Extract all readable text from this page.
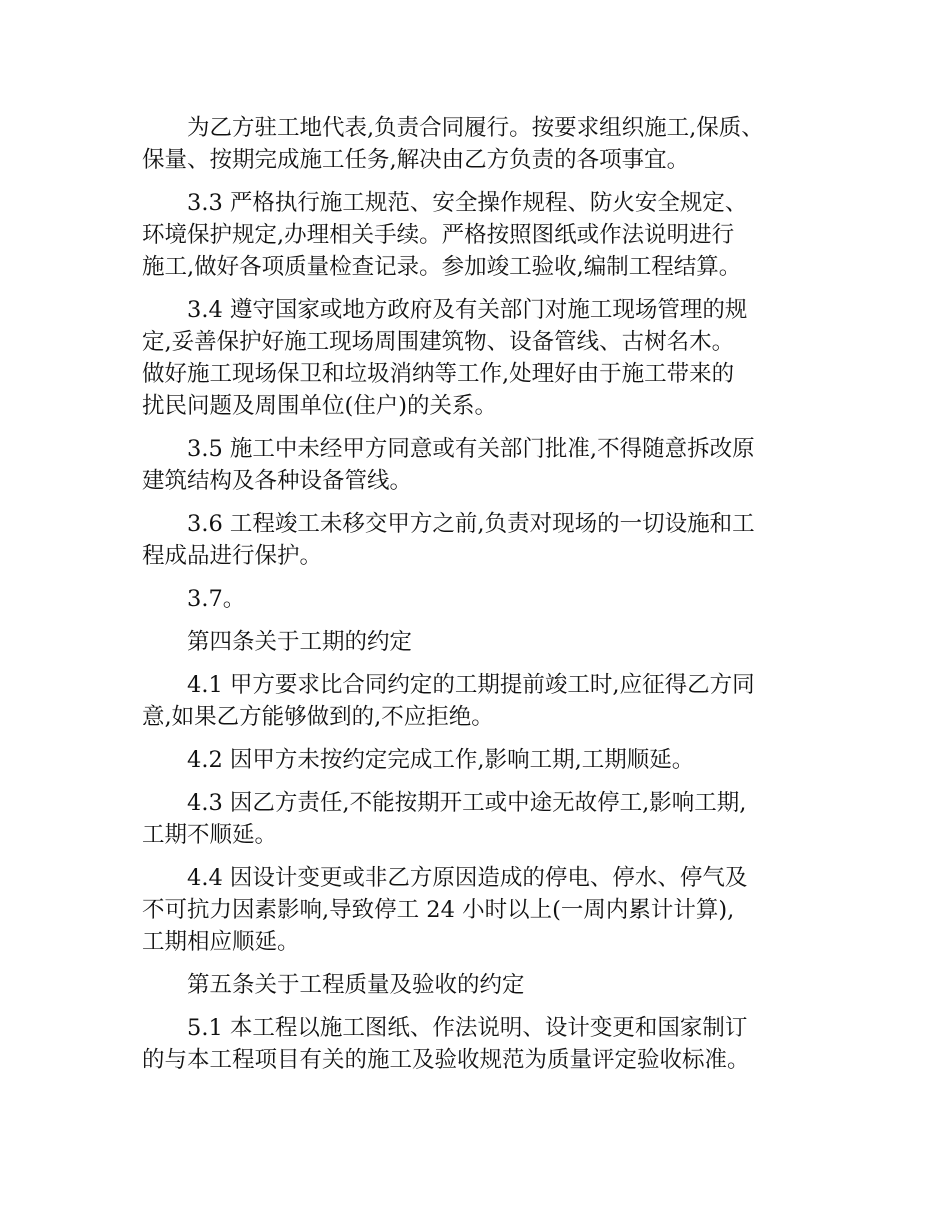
为乙方驻工地代表,负责合同履行。按要求组织施工,保质、
保量、按期完成施工任务,解决由乙方负责的各项事宜。
3.3 严格执行施工规范、安全操作规程、防火安全规定、
环境保护规定,办理相关手续。严格按照图纸或作法说明进行
施工,做好各项质量检查记录。参加竣工验收,编制工程结算。
3.4 遵守国家或地方政府及有关部门对施工现场管理的规
定,妥善保护好施工现场周围建筑物、设备管线、古树名木。
做好施工现场保卫和垃圾消纳等工作,处理好由于施工带来的
扰民问题及周围单位(住户)的关系。
3.5 施工中未经甲方同意或有关部门批准,不得随意拆改原
建筑结构及各种设备管线。
3.6 工程竣工未移交甲方之前,负责对现场的一切设施和工
程成品进行保护。
3.7。
第四条关于工期的约定
4.1 甲方要求比合同约定的工期提前竣工时,应征得乙方同
意,如果乙方能够做到的,不应拒绝。
4.2 因甲方未按约定完成工作,影响工期,工期顺延。
4.3 因乙方责任,不能按期开工或中途无故停工,影响工期,
工期不顺延。
4.4 因设计变更或非乙方原因造成的停电、停水、停气及
不可抗力因素影响,导致停工 24 小时以上(一周内累计计算),
工期相应顺延。
第五条关于工程质量及验收的约定
5.1 本工程以施工图纸、作法说明、设计变更和国家制订
的与本工程项目有关的施工及验收规范为质量评定验收标准。
